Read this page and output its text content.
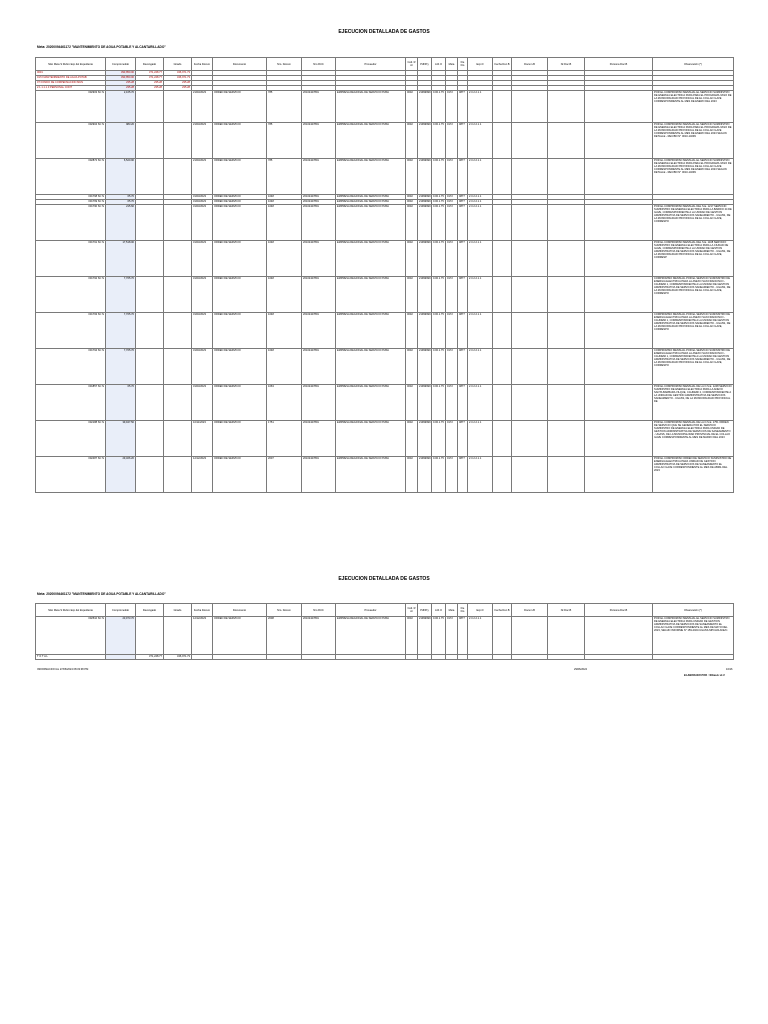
EJECUCION DETALLADA DE GASTOS
Meta: 20200094461172 "MANTENIMIENTO DE AGUA POTABLE Y ALCANTARILLADO"
Sitio Meta S Rubro Exp del Expediente	Comprometido	Devengado	Girado	Fecha Docum	Documento	Nro. Docum	Nro RUC	Proveedor	Cod. R Ar	Pdf/Pry	A.R.O	Meta	Fte Fto	Exp.D	Fecha Doc.B	Docum.B	Nr.Doc.B	Persona Doc.B	Observación (*)
0001	393,850.00	371,248.77	346,971.73																
0172 MANTENIMIENTO DE AGUA POTAB	393,850.00	371,248.77	346,971.73																
07 FONDO DE COMPENSACION MUN	235.28	235.28	235.28																
2.1.1.1.1.3 PERSONAL CONT	235.28	235.28	235.28																
002903 SC N	2,165.70			21/03/2023	ORDEN DE SERVICIO	785	20102427891	EMPRESA REGIONAL DE SERVICIO PUBLI	0002	21999999	0.00.1.75	0172	0877	2.3.2.2.1.1					POR EL COMPROMISO MENSUAL EL SERVICIO SUMINISTRO DE ENERGIA ELECTRICA PARA PARA EL PROGRAMA VASO DE LA MUNICIPALIDAD PROVINCIAL DE EL COLLAO ILAVE CORRESPONDIENTE AL MES DE ENERO DEL 2023
002904 SC N	983.20			21/03/2023	ORDEN DE SERVICIO	785	20102427891	EMPRESA REGIONAL DE SERVICIO PUBLI	0002	21999999	0.00.1.75	0172	0877	2.3.2.2.1.1					POR EL COMPROMISO MENSUAL EL SERVICIO SUMINISTRO DE ENERGIA ELECTRICA PARA PARA EL PROGRAMA VASO DE LA MUNICIPALIDAD PROVINCIAL DE EL COLLAO ILAVE CORRESPONDIENTE AL MES DE ENERO DEL 2023 SEGUN DETALLE - RECIBO N° 0010-14099
002872 SC N	6,520.90			21/03/2023	ORDEN DE SERVICIO	785	20102427891	EMPRESA REGIONAL DE SERVICIO PUBLI	0002	21999999	0.00.1.75	0172	0877	2.3.2.2.1.1					POR EL COMPROMISO MENSUAL EL SERVICIO SUMINISTRO DE ENERGIA ELECTRICA PARA PARA EL PROGRAMA VASO DE LA MUNICIPALIDAD PROVINCIAL DE EL COLLAO ILAVE CORRESPONDIENTE AL MES DE ENERO DEL 2023 SEGUN DETALLE - RECIBO N° 0010-14099
001768 SC N	65.70			31/03/2023	ORDEN DE SERVICIO	1048	20102427891	EMPRESA REGIONAL DE SERVICIO PUBLI	0002	21999999	0.00.1.75	0172	0877	2.3.2.2.1.1					
001769 SC N	65.70			31/03/2023	ORDEN DE SERVICIO	1048	20102427891	EMPRESA REGIONAL DE SERVICIO PUBLI	0002	21999999	0.00.1.75	0172	0877	2.3.2.2.1.1					
001790 SC N	215.60			31/03/2023	ORDEN DE SERVICIO	1048	20102427891	EMPRESA REGIONAL DE SERVICIO PUBLI	0002	21999999	0.00.1.75	0172	0877	2.3.2.2.1.1					POR EL COMPROMISO MENSUAL DEL S.E. 1217 SERVICIO SUMINISTRO DE ENERGIA ELECTRICA PARA LA BARRIO 24 DE ILAVE, CORRESPONDIENTE A LA UNIDAD DE GESTION ADMINISTRATIVA DE SERVICIOS SANEAMIENTO - UGASS, DE LA MUNICIPALIDAD PROVINCIAL DE EL COLLAO ILAVE, CORRESPO
001791 SC N	17,518.00			31/03/2023	ORDEN DE SERVICIO	1048	20102427891	EMPRESA REGIONAL DE SERVICIO PUBLI	0002	21999999	0.00.1.75	0172	0877	2.3.2.2.1.1					POR EL COMPROMISO MENSUAL DEL S.E. 1108 SERVICIO SUMINISTRO DE ENERGIA ELECTRICA PARA LA CIUDAD DE ILAVE, CORRESPONDIENTE A LA UNIDAD DE GESTION ADMINISTRATIVA DE SERVICIOS SANEAMIENTO - UGASS, DE LA MUNICIPALIDAD PROVINCIAL DE EL COLLAO ILAVE, CORRESP
001792 SC N	7,765.70			31/03/2023	ORDEN DE SERVICIO	1048	20102427891	EMPRESA REGIONAL DE SERVICIO PUBLI	0002	21999999	0.00.1.75	0172	0877	2.3.2.2.1.1					COMPROMISO MENSUAL POR EL SERVICIO SUMINISTRO DE ENERGIA ELECTRICA PARA LA ANEXO SAN FRANCISCO - CAUDEMI 1, CORRESPONDIENTE A LA UNIDAD DE GESTION ADMINISTRATIVA DE SERVICIOS SANEAMIENTO - UGASS, DE LA MUNICIPALIDAD PROVINCIAL DE EL COLLAO ILAVE, CORRESPO
001793 SC N	7,765.70			31/03/2023	ORDEN DE SERVICIO	1048	20102427891	EMPRESA REGIONAL DE SERVICIO PUBLI	0002	21999999	0.00.1.75	0172	0877	2.3.2.2.1.1					COMPROMISO MENSUAL POR EL SERVICIO SUMINISTRO DE ENERGIA ELECTRICA PARA LA ANEXO SAN FRANCISCO - CAUDEMI 1, CORRESPONDIENTE A LA UNIDAD DE GESTION ADMINISTRATIVA DE SERVICIOS SANEAMIENTO - UGASS, DE LA MUNICIPALIDAD PROVINCIAL DE EL COLLAO ILAVE, CORRESPO
001794 SC N	7,765.70			31/03/2023	ORDEN DE SERVICIO	1048	20102427891	EMPRESA REGIONAL DE SERVICIO PUBLI	0002	21999999	0.00.1.75	0172	0877	2.3.2.2.1.1					COMPROMISO MENSUAL POR EL SERVICIO SUMINISTRO DE ENERGIA ELECTRICA PARA LA ANEXO SAN FRANCISCO - CAUDEMI 1, CORRESPONDIENTE A LA UNIDAD DE GESTION ADMINISTRATIVA DE SERVICIOS SANEAMIENTO - UGASS, DE LA MUNICIPALIDAD PROVINCIAL DE EL COLLAO ILAVE, CORRESPO
001857 SC N	65.70			31/03/2023	ORDEN DE SERVICIO	1063	20102427891	EMPRESA REGIONAL DE SERVICIO PUBLI	0002	21999999	0.00.1.75	0172	0877	2.3.2.2.1.1					POR EL COMPROMISO MENSUAL DE LA O.S.E. 1248 SERVICIO SUMINISTRO DE ENERGIA ELECTRICA PARA LA ANEXO SANTA BARBARA VILQUE, CAUDEMI 2, CORRESPONDIENTE A LA UNIDAD DE GESTION ADMINISTRATIVA DE SERVICIOS SANEAMIENTO - UGASS, DE LA MUNICIPALIDAD PROVINCIAL DE
002188 SC N	39,947.50			10/11/2023	ORDEN DE SERVICIO	1751	20102427891	EMPRESA REGIONAL DE SERVICIO PUBLI	0002	21999999	0.00.1.75	0172	0877	2.3.2.2.1.1					POR EL COMPROMISO MENSUAL DE LA O.S.E. 1751 ORDEN DE SERVICIO QUE SE GENERA POR EL SERVICIO SUMINISTRO DE ENERGIA ELECTRICA PARA UNIDAD DE GESTION ADMINISTRATIVA DE SERVICIOS DE SANEAMIENTO - UGASS, DE LA MUNICIPALIDAD PROVINCIAL DE EL COLLAO ILAVE CORRESPONDIENTE AL MES DE MARZO DEL 2023
002487 SC N	29,466.20			12/12/2023	ORDEN DE SERVICIO	2007	20102427891	EMPRESA REGIONAL DE SERVICIO PUBLI	0002	21999999	0.00.1.75	0172	0877	2.3.2.2.1.1					POR EL COMPROMISO ORDEN DE SERVICIO SUMINISTRO DE ENERGIA ELECTRICA PARA UNIDAD DE GESTION ADMINISTRATIVA DE SERVICIOS DE SANEAMIENTO EL COLLAO ILAVE CORRESPONDIENTE AL MES DE ABRIL DEL 2023
EJECUCION DETALLADA DE GASTOS
Meta: 20200094461172 "MANTENIMIENTO DE AGUA POTABLE Y ALCANTARILLADO"
Sitio Meta S Rubro Exp del Expediente	Comprometido	Devengado	Girado	Fecha Docum	Documento	Nro. Docum	Nro RUC	Proveedor	Cod. R Ar	Pdf/Pry	A.R.O	Meta	Fte Fto	Exp.D	Fecha Doc.B	Docum.B	Nr.Doc.B	Persona Doc.B	Observación (*)
002510 SC N	23,973.70			12/12/2023	ORDEN DE SERVICIO	2008	20102427891	EMPRESA REGIONAL DE SERVICIO PUBLI	0002	21999999	0.00.1.75	0172	0877	2.3.2.2.1.1					POR EL COMPROMISO MENSUAL EL SERVICIO SUMINISTRO DE ENERGIA ELECTRICA PARA UNIDAD DE GESTION ADMINISTRATIVA DE SERVICIOS DE SANEAMIENTO EL COLLAO ILAVE CORRESPONDIENTE AL MES DE MAYO DEL 2023, SEGUN INFORME N° 159-2023-UGASS-MPCH/ILAVE/C.
T O T A L		371,248.77	346,971.73																
INFORMACION AL 27/06/2024 08:33:38 PM	29/06/2024	16/16
ELABORADO POR : SIGasis v1.0
